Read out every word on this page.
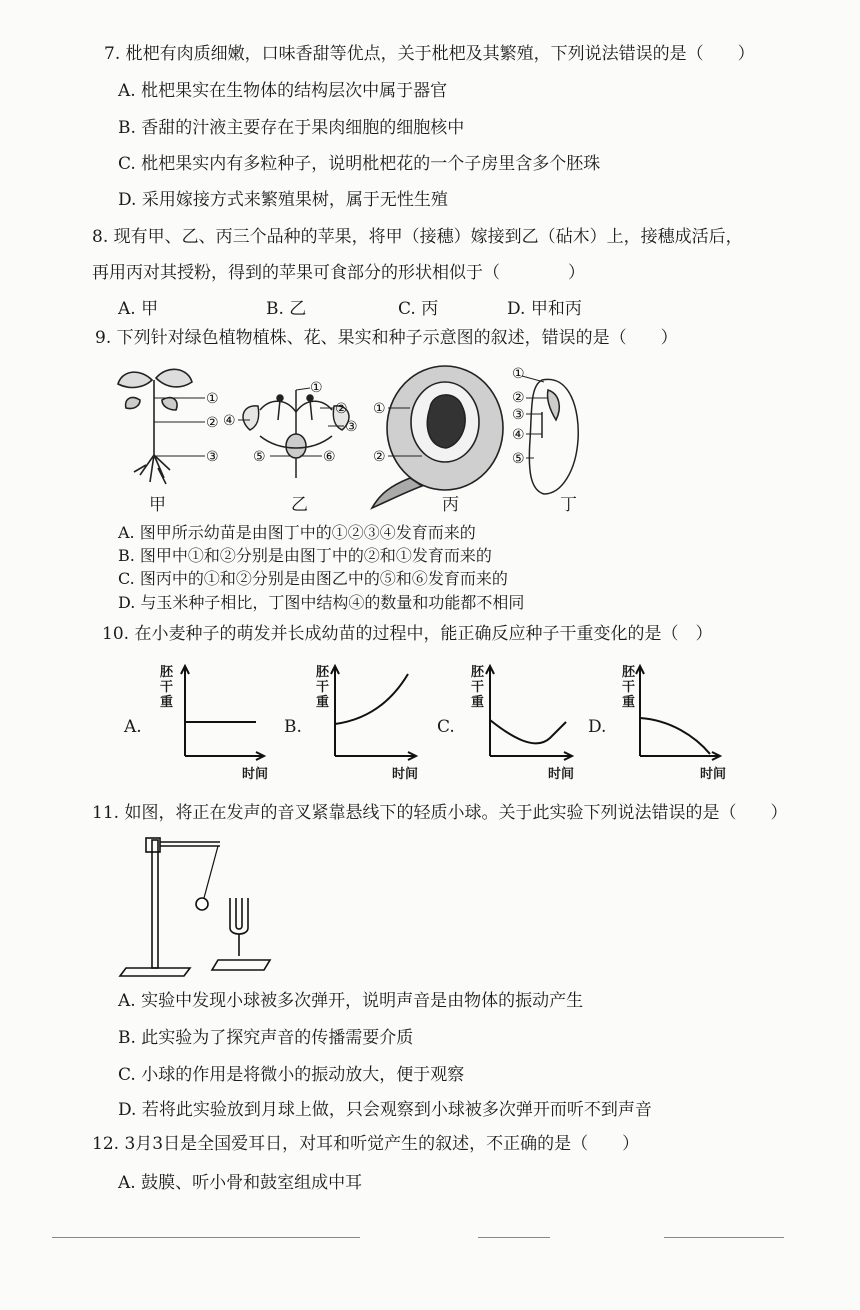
7. 枇杷有肉质细嫩，口味香甜等优点，关于枇杷及其繁殖，下列说法错误的是（　　）
A. 枇杷果实在生物体的结构层次中属于器官
B. 香甜的汁液主要存在于果肉细胞的细胞核中
C. 枇杷果实内有多粒种子，说明枇杷花的一个子房里含多个胚珠
D. 采用嫁接方式来繁殖果树，属于无性生殖
8. 现有甲、乙、丙三个品种的苹果，将甲（接穗）嫁接到乙（砧木）上，接穗成活后，
再用丙对其授粉，得到的苹果可食部分的形状相似于（　　　　）
A. 甲	B. 乙	C. 丙	D. 甲和丙
9. 下列针对绿色植物植株、花、果实和种子示意图的叙述，错误的是（　　）
①
②
③
①
②
③
④
⑤	⑥
①
②
①
②
③
④
⑤
甲	乙	丙	丁
A. 图甲所示幼苗是由图丁中的①②③④发育而来的
B. 图甲中①和②分别是由图丁中的②和①发育而来的
C. 图丙中的①和②分别是由图乙中的⑤和⑥发育而来的
D. 与玉米种子相比，丁图中结构④的数量和功能都不相同
10. 在小麦种子的萌发并长成幼苗的过程中，能正确反应种子干重变化的是（　）
A.	B.	C.	D.
胚干重
胚干重
胚干重
胚干重
时间	时间	时间	时间
11. 如图，将正在发声的音叉紧靠悬线下的轻质小球。关于此实验下列说法错误的是（　　）
A. 实验中发现小球被多次弹开，说明声音是由物体的振动产生
B. 此实验为了探究声音的传播需要介质
C. 小球的作用是将微小的振动放大，便于观察
D. 若将此实验放到月球上做，只会观察到小球被多次弹开而听不到声音
12. 3月3日是全国爱耳日，对耳和听觉产生的叙述，不正确的是（　　）
A. 鼓膜、听小骨和鼓室组成中耳
